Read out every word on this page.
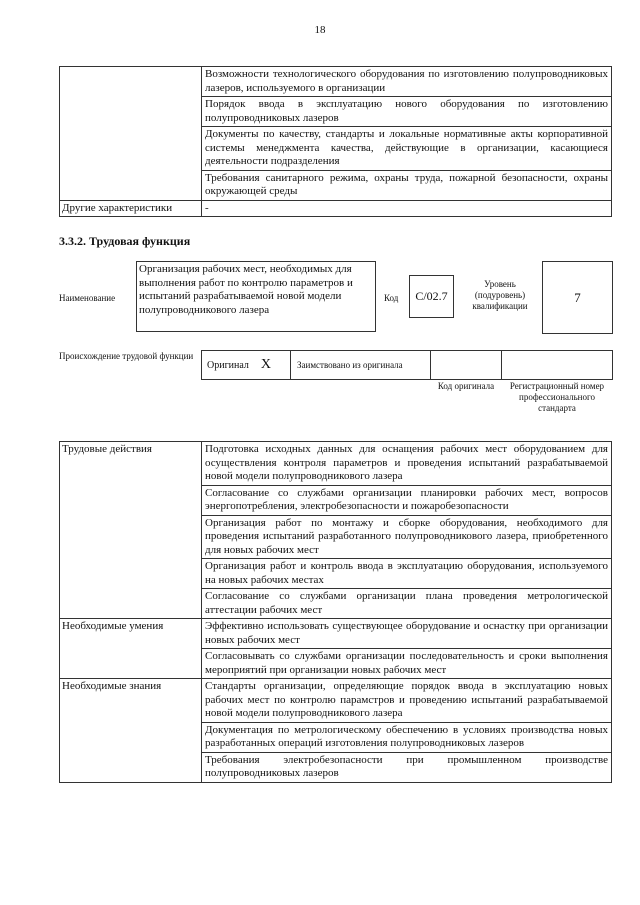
18
	Возможности технологического оборудования по изготовлению полупроводниковых лазеров, используемого в организации
	Порядок ввода в эксплуатацию нового оборудования по изготовлению полупроводниковых лазеров
	Документы по качеству, стандарты и локальные нормативные акты корпоративной системы менеджмента качества, действующие в организации, касающиеся деятельности подразделения
	Требования санитарного режима, охраны труда, пожарной безопасности, охраны окружающей среды
Другие характеристики	-
3.3.2. Трудовая функция
Наименование
Организация рабочих мест, необходимых для выполнения работ по контролю параметров и испытаний разрабатываемой новой модели полупроводникового лазера
Код	С/02.7
Уровень (подуровень) квалификации
7
Происхождение трудовой функции
Оригинал X	Заимствовано из оригинала
Код оригинала	Регистрационный номер профессионального стандарта
Трудовые действия	Подготовка исходных данных для оснащения рабочих мест оборудованием для осуществления контроля параметров и проведения испытаний разрабатываемой новой модели полупроводникового лазера
	Согласование со службами организации планировки рабочих мест, вопросов энергопотребления, электробезопасности и пожаробезопасности
	Организация работ по монтажу и сборке оборудования, необходимого для проведения испытаний разработанного полупроводникового лазера, приобретенного для новых рабочих мест
	Организация работ и контроль ввода в эксплуатацию оборудования, используемого на новых рабочих местах
	Согласование со службами организации плана проведения метрологической аттестации рабочих мест
Необходимые умения	Эффективно использовать существующее оборудование и оснастку при организации новых рабочих мест
	Согласовывать со службами организации последовательность и сроки выполнения мероприятий при организации новых рабочих мест
Необходимые знания	Стандарты организации, определяющие порядок ввода в эксплуатацию новых рабочих мест по контролю парамстров и проведению испытаний разрабатываемой новой модели полупроводникового лазера
	Документация по метрологическому обеспечению в условиях производства новых разработанных операций изготовления полупроводниковых лазеров
	Требования электробезопасности при промышленном производстве полупроводниковых лазеров
